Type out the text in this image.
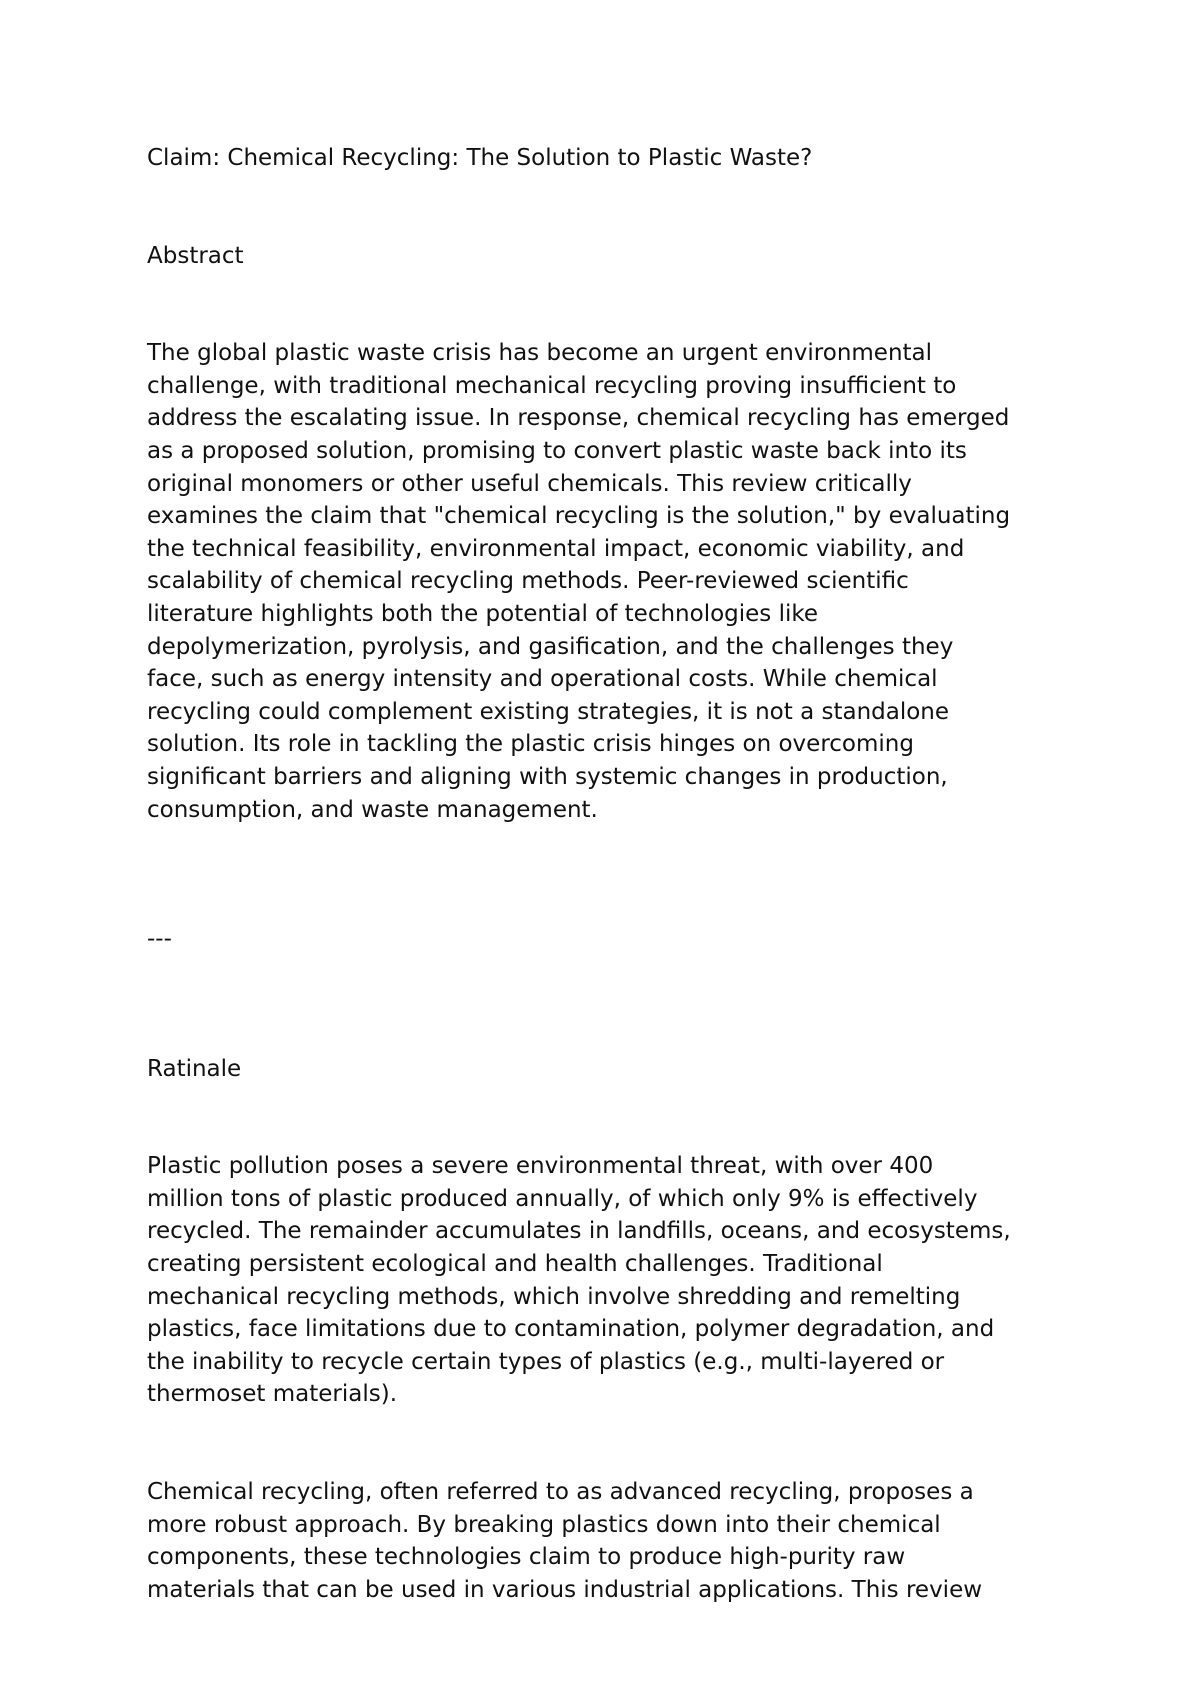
Claim: Chemical Recycling: The Solution to Plastic Waste?
Abstract
The global plastic waste crisis has become an urgent environmental
challenge, with traditional mechanical recycling proving insufficient to
address the escalating issue. In response, chemical recycling has emerged
as a proposed solution, promising to convert plastic waste back into its
original monomers or other useful chemicals. This review critically
examines the claim that "chemical recycling is the solution," by evaluating
the technical feasibility, environmental impact, economic viability, and
scalability of chemical recycling methods. Peer-reviewed scientific
literature highlights both the potential of technologies like
depolymerization, pyrolysis, and gasification, and the challenges they
face, such as energy intensity and operational costs. While chemical
recycling could complement existing strategies, it is not a standalone
solution. Its role in tackling the plastic crisis hinges on overcoming
significant barriers and aligning with systemic changes in production,
consumption, and waste management.
---
Ratinale
Plastic pollution poses a severe environmental threat, with over 400
million tons of plastic produced annually, of which only 9% is effectively
recycled. The remainder accumulates in landfills, oceans, and ecosystems,
creating persistent ecological and health challenges. Traditional
mechanical recycling methods, which involve shredding and remelting
plastics, face limitations due to contamination, polymer degradation, and
the inability to recycle certain types of plastics (e.g., multi-layered or
thermoset materials).
Chemical recycling, often referred to as advanced recycling, proposes a
more robust approach. By breaking plastics down into their chemical
components, these technologies claim to produce high-purity raw
materials that can be used in various industrial applications. This review
